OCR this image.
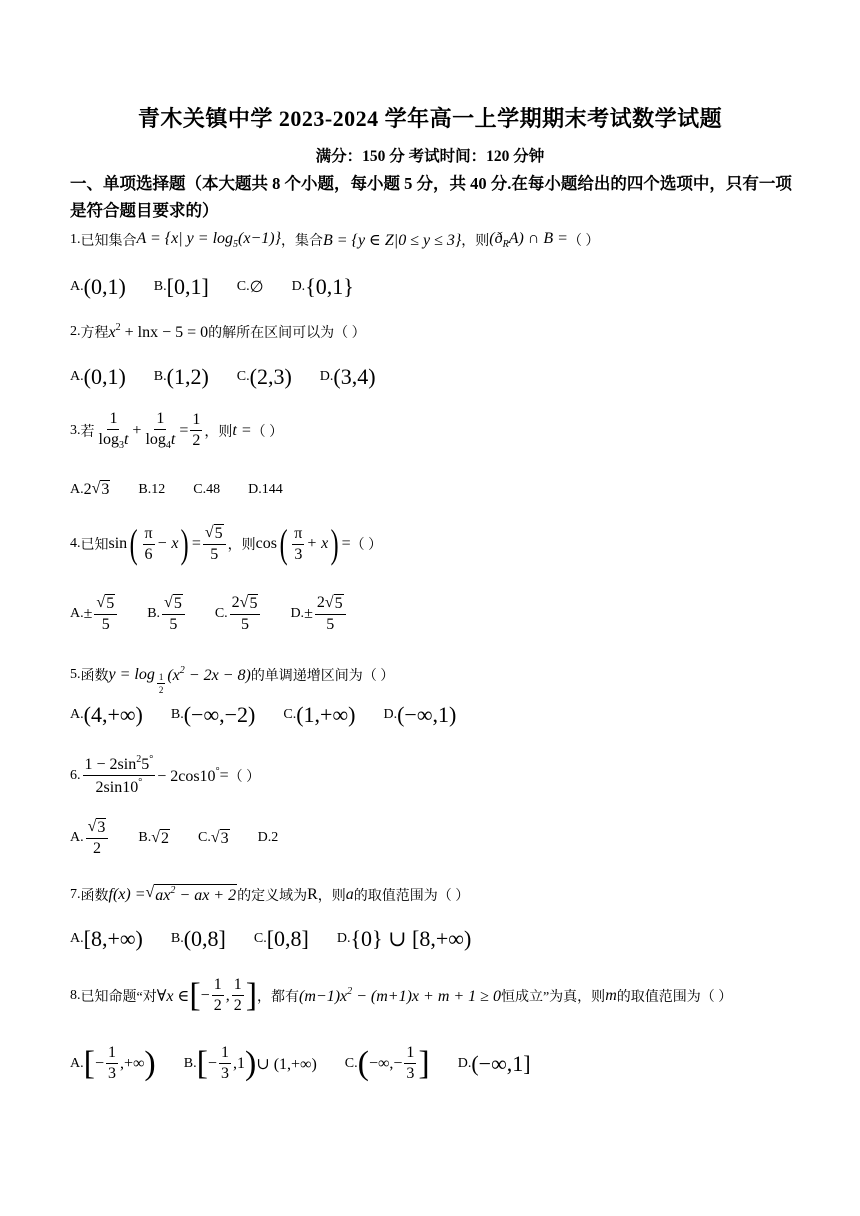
青木关镇中学 2023-2024 学年高一上学期期末考试数学试题
满分：150 分 考试时间：120 分钟
一、单项选择题（本大题共 8 个小题，每小题 5 分，共 40 分.在每小题给出的四个选项中，只有一项是符合题目要求的）
1. 已知集合 A = {x| $y = \log_5(x-1)$} ，集合 B = {y ∈ Z|0 ≤ y ≤ 3} ，则 $(ð_RA)$ ∩ B = （ ）
A. (0,1) B. [0,1] C. ∅ D. {0,1}
2. 方程 $x^2 + \ln x - 5 = 0$ 的解所在区间可以为 （ ）
A. (0,1) B. (1,2) C. (2,3) D. (3,4)
3. 若 $\frac{1}{\log_3t} + \frac{1}{\log_4t} = \frac{1}{2}$ ，则 t = （ ）
A. 2 √ 3 B.12 C.48 D.144
4. 已知 sin ( $\frac{\pi}{6} - x$ ) = $\frac{√ 5}{5}$ ，则 cos ( $\frac{\pi}{3} + x$ ) = （ ）
A. ± $\frac{√ 5}{5} B$. $\frac{√ 5}{5} C$. $\frac{2 √ 5}{5} D$. ± $\frac{2 √ 5}{5}$
5. 函数 $y = \log \frac{1}{2} (x^2 - 2x - 8)$ 的单调递增区间为 （ ）
A. (4,+∞) B. (−∞,−2) C. (1,+∞) D. (−∞,1)
6. $\frac{1 - 2\sin^25^\circ}{2\sin 10^\circ} - 2\cos 10^\circ$ = （ ）
A. $\frac{√ 3}{2} B$. √ 2 C. √ 3 D.2
7. 函数 f(x) = √ $ax^2$ − ax + 2 的定义域为 R ，则 a 的取值范围为 （ ）
A. [8,+∞) B. (0,8] C. [0,8] D. {0} ∪ [8,+∞)
8. 已知命题“对 ∀x ∈ [ − $\frac{1}{2}$ , $\frac{1}{2}$ ] ，都有 $(m-1)x^2 - (m+1)x + m + 1 \ge 0$ 恒成立”为真，则 m 的取值范围为 （ ）
A. [ − $\frac{1}{3}$ ,+∞ ) B. [ − $\frac{1}{3} ,1$ ) ∪ (1,+∞) C. ( −∞,− $\frac{1}{3}$ ] D. (−∞,1]
